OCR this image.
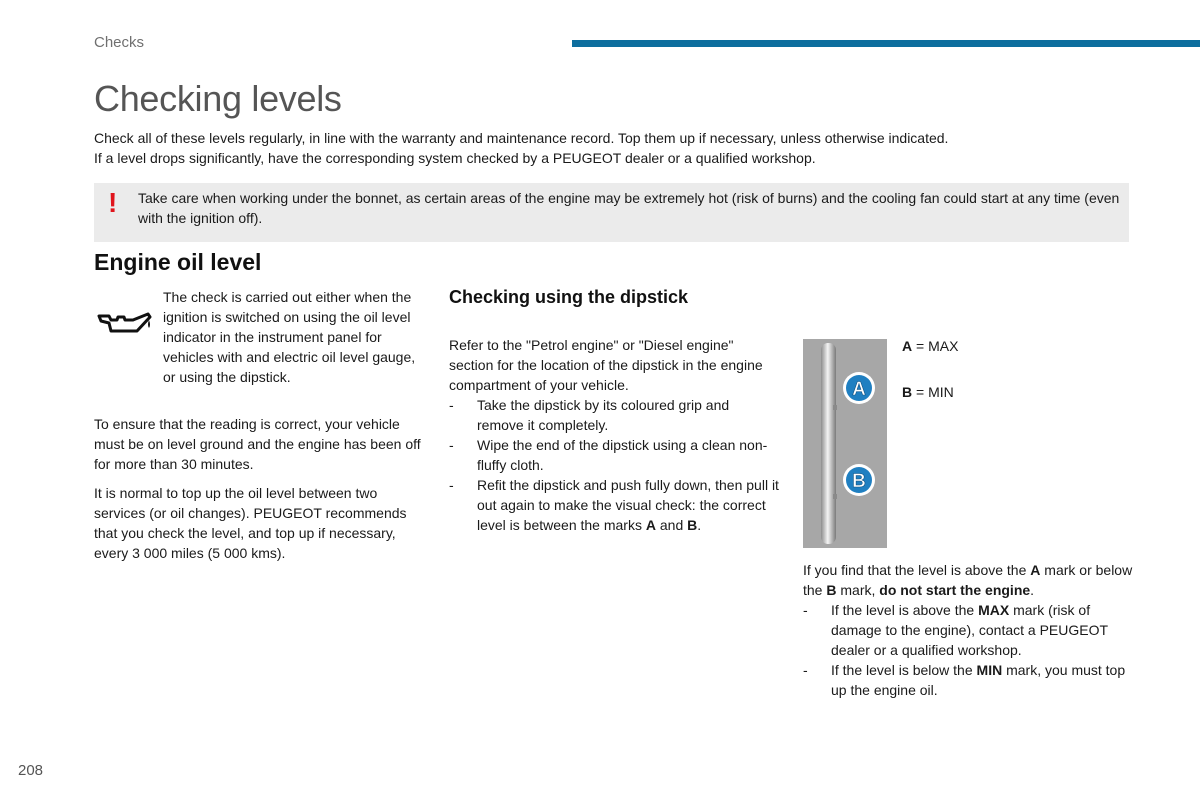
Checks
Checking levels

Check all of these levels regularly, in line with the warranty and maintenance record. Top them up if necessary, unless otherwise indicated.

If a level drops significantly, have the corresponding system checked by a PEUGEOT dealer or a qualified workshop.

! Take care when working under the bonnet, as certain areas of the engine may be extremely hot (risk of burns) and the cooling fan could start at any time (even with the ignition off).

Engine oil level

The check is carried out either when the ignition is switched on using the oil level indicator in the instrument panel for vehicles with and electric oil level gauge, or using the dipstick.

To ensure that the reading is correct, your vehicle must be on level ground and the engine has been off for more than 30 minutes.

It is normal to top up the oil level between two services (or oil changes). PEUGEOT recommends that you check the level, and top up if necessary, every 3 000 miles (5 000 kms).

Checking using the dipstick

Refer to the "Petrol engine" or "Diesel engine" section for the location of the dipstick in the engine compartment of your vehicle.

- Take the dipstick by its coloured grip and remove it completely.
- Wipe the end of the dipstick using a clean non-fluffy cloth.
- Refit the dipstick and push fully down, then pull it out again to make the visual check: the correct level is between the marks A and B.
A
B
A = MAX
B = MIN

If you find that the level is above the A mark or below the B mark, do not start the engine.

- If the level is above the MAX mark (risk of damage to the engine), contact a PEUGEOT dealer or a qualified workshop.
- If the level is below the MIN mark, you must top up the engine oil.
208
